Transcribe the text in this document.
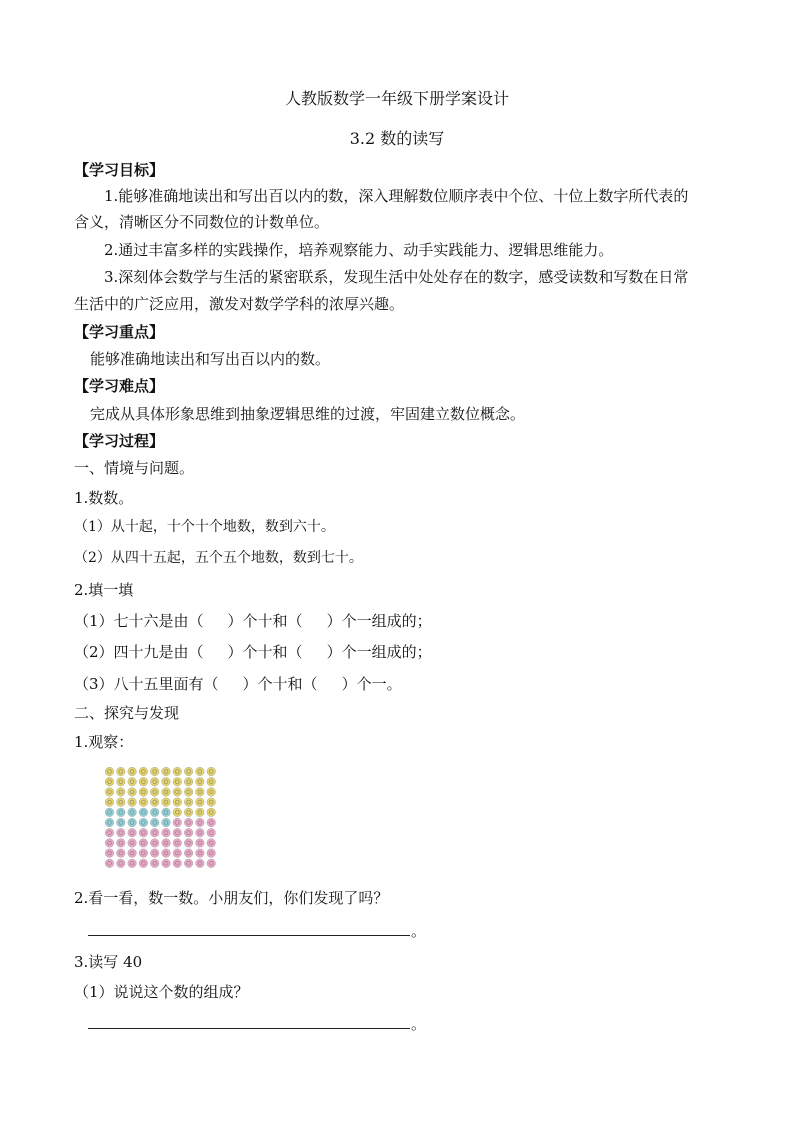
人教版数学一年级下册学案设计
3.2 数的读写
【学习目标】
1.能够准确地读出和写出百以内的数，深入理解数位顺序表中个位、十位上数字所代表的
含义，清晰区分不同数位的计数单位。
2.通过丰富多样的实践操作，培养观察能力、动手实践能力、逻辑思维能力。
3.深刻体会数学与生活的紧密联系，发现生活中处处存在的数字，感受读数和写数在日常
生活中的广泛应用，激发对数学学科的浓厚兴趣。
【学习重点】
能够准确地读出和写出百以内的数。
【学习难点】
完成从具体形象思维到抽象逻辑思维的过渡，牢固建立数位概念。
【学习过程】
一、情境与问题。
1.数数。
（1）从十起，十个十个地数，数到六十。
（2）从四十五起，五个五个地数，数到七十。
2.填一填
（1）七十六是由（ ）个十和（ ）个一组成的；
（2）四十九是由（ ）个十和（ ）个一组成的；
（3）八十五里面有（ ）个十和（ ）个一。
二、探究与发现
1.观察：
2.看一看，数一数。小朋友们，你们发现了吗？
。
3.读写 40
（1）说说这个数的组成？
。
